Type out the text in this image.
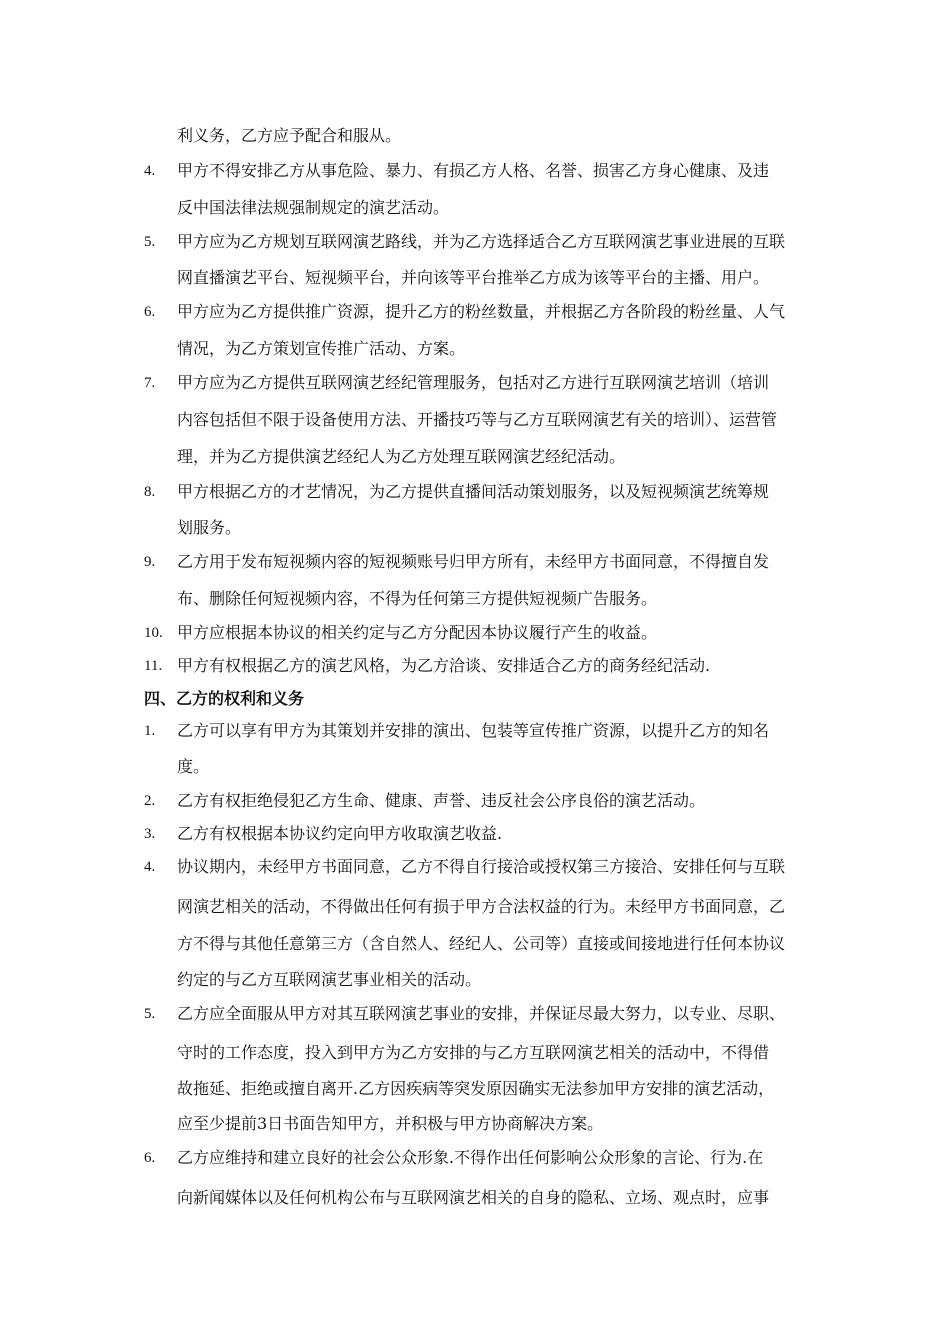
利义务，乙方应予配合和服从。
4. 甲方不得安排乙方从事危险、暴力、有损乙方人格、名誉、损害乙方身心健康、及违
反中国法律法规强制规定的演艺活动。
5. 甲方应为乙方规划互联网演艺路线，并为乙方选择适合乙方互联网演艺事业进展的互联
网直播演艺平台、短视频平台，并向该等平台推举乙方成为该等平台的主播、用户。
6. 甲方应为乙方提供推广资源，提升乙方的粉丝数量，并根据乙方各阶段的粉丝量、人气
情况，为乙方策划宣传推广活动、方案。
7. 甲方应为乙方提供互联网演艺经纪管理服务，包括对乙方进行互联网演艺培训（培训
内容包括但不限于设备使用方法、开播技巧等与乙方互联网演艺有关的培训）、运营管
理，并为乙方提供演艺经纪人为乙方处理互联网演艺经纪活动。
8. 甲方根据乙方的才艺情况，为乙方提供直播间活动策划服务，以及短视频演艺统筹规
划服务。
9. 乙方用于发布短视频内容的短视频账号归甲方所有，未经甲方书面同意，不得擅自发
布、删除任何短视频内容，不得为任何第三方提供短视频广告服务。
10. 甲方应根据本协议的相关约定与乙方分配因本协议履行产生的收益。
11. 甲方有权根据乙方的演艺风格，为乙方洽谈、安排适合乙方的商务经纪活动.
四、乙方的权利和义务
1. 乙方可以享有甲方为其策划并安排的演出、包装等宣传推广资源，以提升乙方的知名
度。
2. 乙方有权拒绝侵犯乙方生命、健康、声誉、违反社会公序良俗的演艺活动。
3. 乙方有权根据本协议约定向甲方收取演艺收益.
4. 协议期内，未经甲方书面同意，乙方不得自行接洽或授权第三方接洽、安排任何与互联
网演艺相关的活动，不得做出任何有损于甲方合法权益的行为。未经甲方书面同意，乙
方不得与其他任意第三方（含自然人、经纪人、公司等）直接或间接地进行任何本协议
约定的与乙方互联网演艺事业相关的活动。
5. 乙方应全面服从甲方对其互联网演艺事业的安排，并保证尽最大努力，以专业、尽职、
守时的工作态度，投入到甲方为乙方安排的与乙方互联网演艺相关的活动中，不得借
故拖延、拒绝或擅自离开.乙方因疾病等突发原因确实无法参加甲方安排的演艺活动，
应至少提前3日书面告知甲方，并积极与甲方协商解决方案。
6. 乙方应维持和建立良好的社会公众形象.不得作出任何影响公众形象的言论、行为.在
向新闻媒体以及任何机构公布与互联网演艺相关的自身的隐私、立场、观点时，应事
